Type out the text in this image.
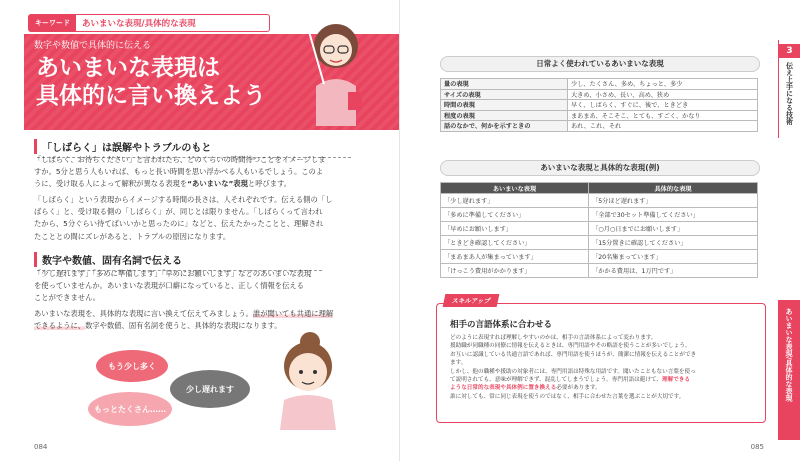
キーワード	あいまいな表現/具体的な表現
数字や数値で具体的に伝える
あいまいな表現は
具体的に言い換えよう
「しばらく」は誤解やトラブルのもと
「しばらく、お待ちください」と言われたら、どのくらいの時間待つことをイメージしま
すか。5分と思う人もいれば、もっと長い時間を思い浮かべる人もいるでしょう。このよ
うに、受け取る人によって解釈が異なる表現を“あいまいな”表現と呼びます。
「しばらく」という表現からイメージする時間の長さは、人それぞれです。伝える側の「し
ばらく」と、受け取る側の「しばらく」が、同じとは限りません。「しばらくって言われ
たから、5分ぐらい待てばいいかと思ったのに」などと、伝えたかったことと、理解され
たこととの間にズレがあると、トラブルの原因になります。
数字や数値、固有名詞で伝える
「少し遅れます」「多めに準備します」「早めにお願いします」などのあいまいな表現
を使っていませんか。あいまいな表現が口癖になっていると、正しく情報を伝える
ことができません。
あいまいな表現を、具体的な表現に言い換えて伝えてみましょう。誰が聞いても共通に理解
できるように、数字や数値、固有名詞を使うと、具体的な表現になります。
もう少し多く
もっとたくさん……
少し遅れます
084
3
伝え上手になる技術
あいまいな表現/具体的な表現
日常よく使われているあいまいな表現
量の表現	少し、たくさん、多め、ちょっと、多少
サイズの表現	大きめ、小さめ、長い、高め、狭め
時間の表現	早く、しばらく、すぐに、後で、ときどき
程度の表現	まあまあ、そこそこ、とても、すごく、かなり
話のなかで、何かを示すときの	あれ、これ、それ
あいまいな表現と具体的な表現(例)
あいまいな表現	具体的な表現
「少し遅れます」	「5分ほど遅れます」
「多めに準備してください」	「全部で30セット準備してください」
「早めにお願いします」	「○月○日までにお願いします」
「ときどき確認してください」	「15分置きに確認してください」
「まあまあ人が集まっています」	「20名集まっています」
「けっこう費用がかかります」	「かかる費用は、1万円です」
スキルアップ
相手の言語体系に合わせる
どのように表現すれば理解しやすいのかは、相手の言語体系によって変わります。
援助職が同職種の同僚に情報を伝えるときは、専門用語やその略語を使うことが多いでしょう。
お互いに認識している共通言語であれば、専門用語を使うほうが、簡潔に情報を伝えることができ
ます。
しかし、他の職種や援助の対象者には、専門用語は特殊な用語です。聞いたこともない言葉を使っ
て説明されても、意味が理解できず、混乱してしまうでしょう。専門用語は避けて、理解できる
ような日常的な表現や具体例に置き換える必要があります。
誰に対しても、常に同じ表現を使うのではなく、相手に合わせた言葉を選ぶことが大切です。
085
